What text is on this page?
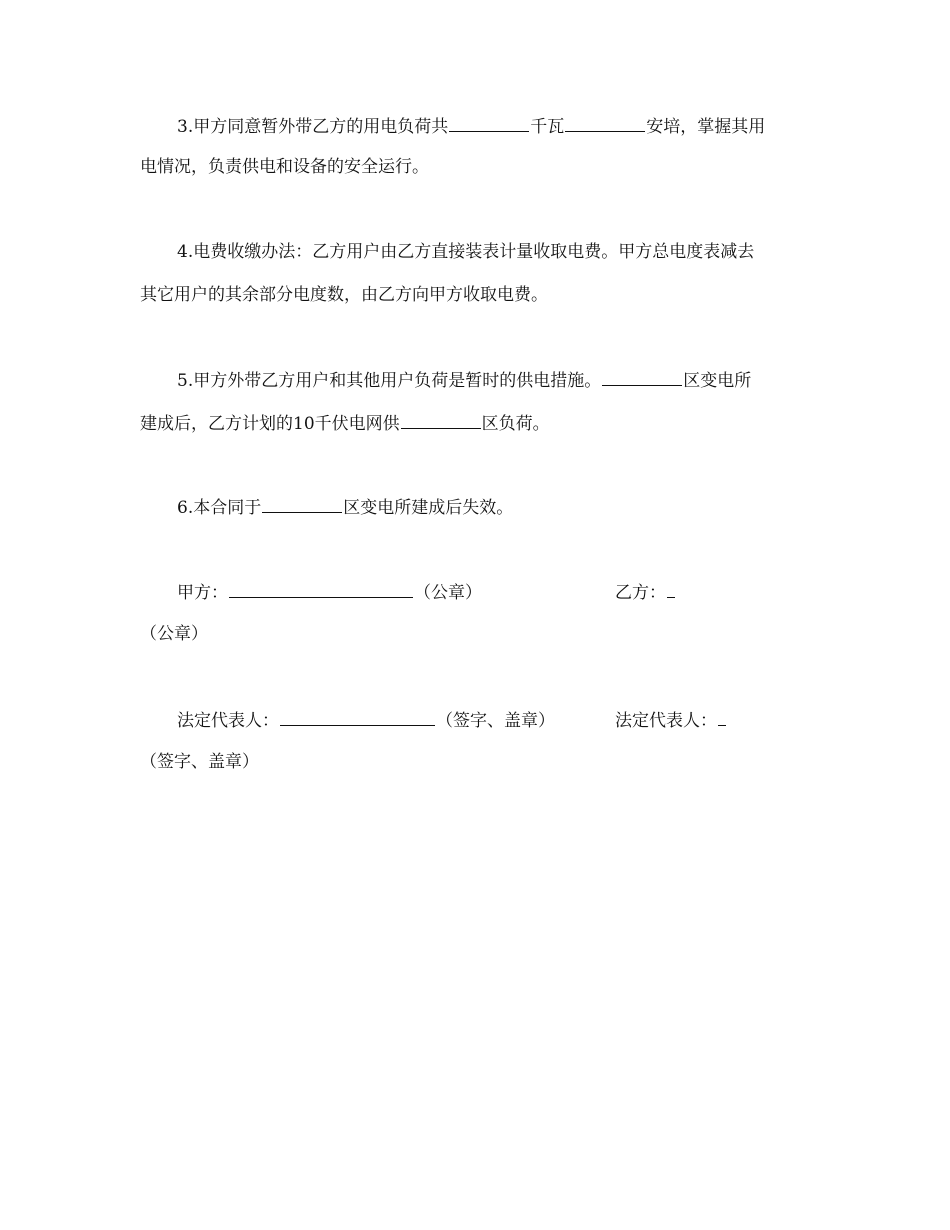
3.甲方同意暂外带乙方的用电负荷共	千瓦	安培，掌握其用
电情况，负责供电和设备的安全运行。
4.电费收缴办法：乙方用户由乙方直接装表计量收取电费。甲方总电度表减去
其它用户的其余部分电度数，由乙方向甲方收取电费。
5.甲方外带乙方用户和其他用户负荷是暂时的供电措施。	区变电所
建成后，乙方计划的10千伏电网供	区负荷。
6.本合同于	区变电所建成后失效。
甲方：	（公章）	乙方：
（公章）
法定代表人：	（签字、盖章）	法定代表人：
（签字、盖章）
